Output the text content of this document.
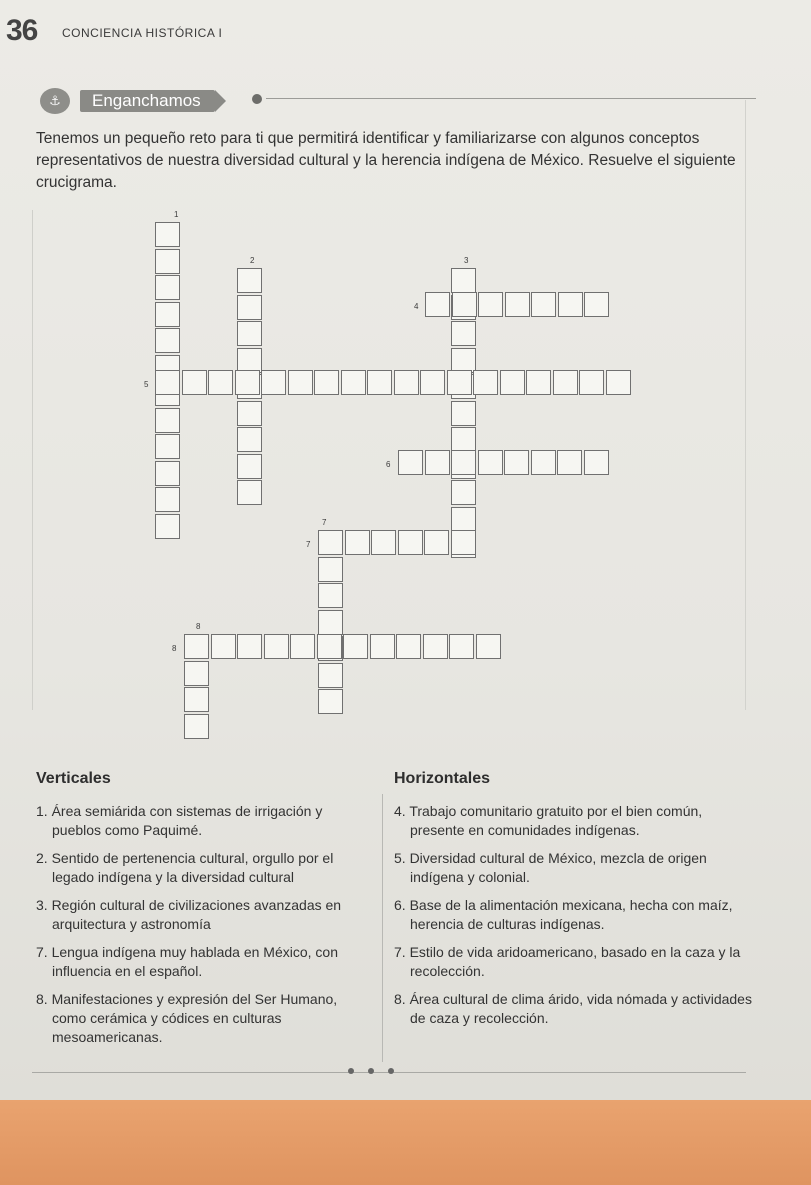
36 CONCIENCIA HISTÓRICA I
⚓	Enganchamos
Tenemos un pequeño reto para ti que permitirá identificar y familiarizarse con algunos conceptos representativos de nuestra diversidad cultural y la herencia indígena de México. Resuelve el siguiente crucigrama.
1
2	3
4
5
6
7
7
8
8
Verticales	Horizontales
1. Área semiárida con sistemas de irrigación y pueblos como Paquimé.
2. Sentido de pertenencia cultural, orgullo por el legado indígena y la diversidad cultural
3. Región cultural de civilizaciones avanzadas en arquitectura y astronomía
7. Lengua indígena muy hablada en México, con influencia en el español.
8. Manifestaciones y expresión del Ser Humano, como cerámica y códices en culturas mesoamericanas.
4. Trabajo comunitario gratuito por el bien común, presente en comunidades indígenas.
5. Diversidad cultural de México, mezcla de origen indígena y colonial.
6. Base de la alimentación mexicana, hecha con maíz, herencia de culturas indígenas.
7. Estilo de vida aridoamericano, basado en la caza y la recolección.
8. Área cultural de clima árido, vida nómada y actividades de caza y recolección.
